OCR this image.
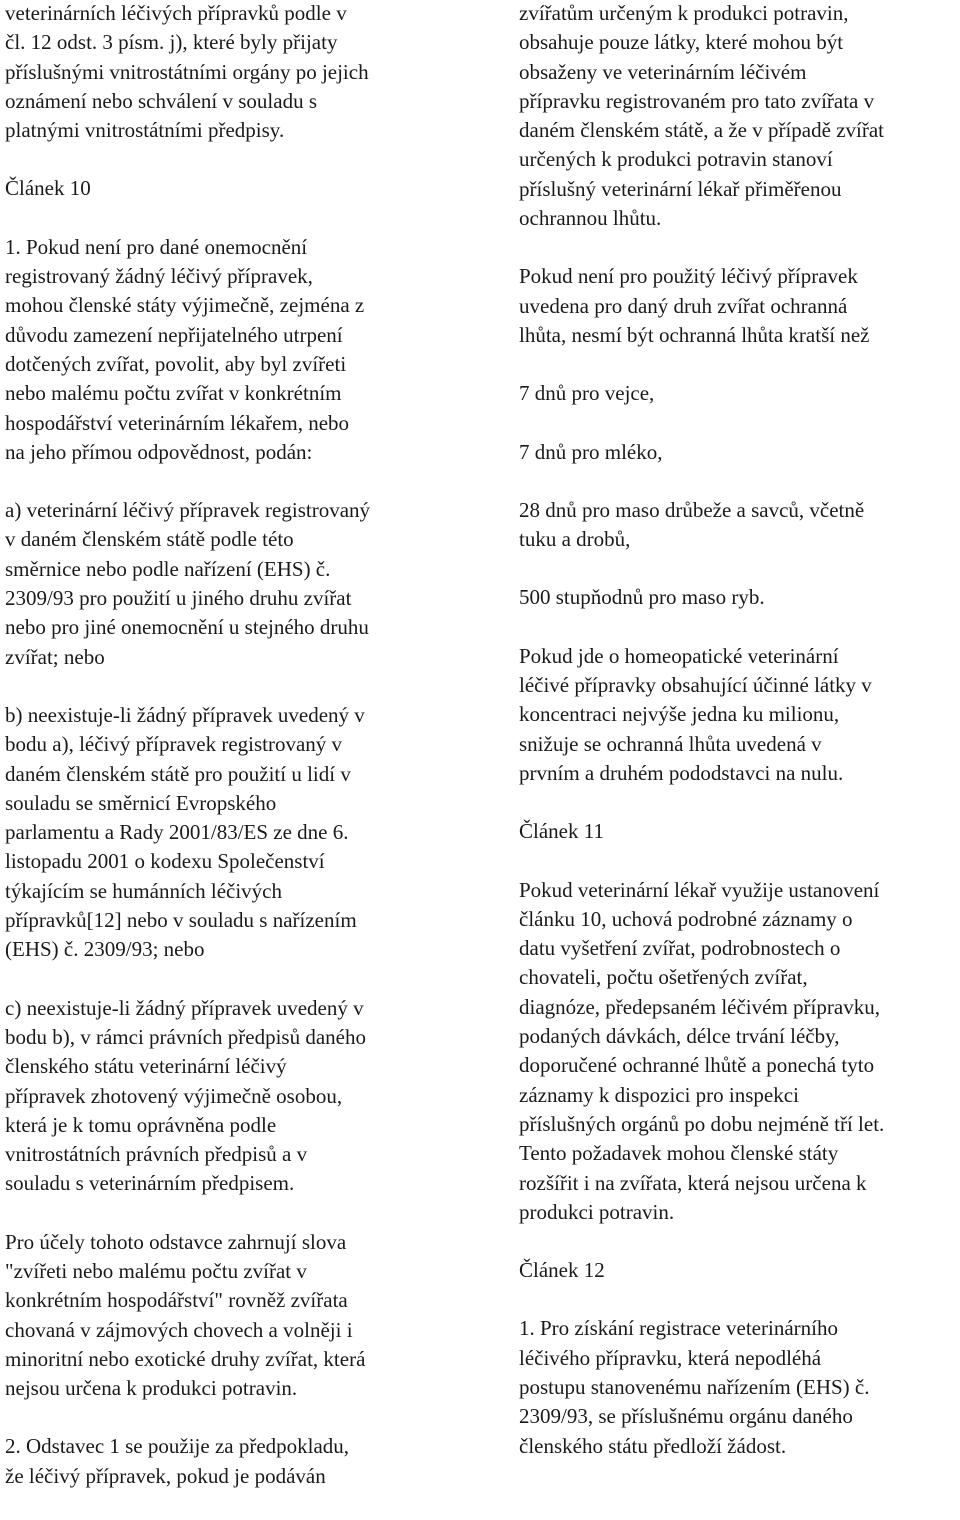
veterinárních léčivých přípravků podle v
čl. 12 odst. 3 písm. j), které byly přijaty
příslušnými vnitrostátními orgány po jejich
oznámení nebo schválení v souladu s
platnými vnitrostátními předpisy.
Článek 10
1. Pokud není pro dané onemocnění
registrovaný žádný léčivý přípravek,
mohou členské státy výjimečně, zejména z
důvodu zamezení nepřijatelného utrpení
dotčených zvířat, povolit, aby byl zvířeti
nebo malému počtu zvířat v konkrétním
hospodářství veterinárním lékařem, nebo
na jeho přímou odpovědnost, podán:
a) veterinární léčivý přípravek registrovaný
v daném členském státě podle této
směrnice nebo podle nařízení (EHS) č.
2309/93 pro použití u jiného druhu zvířat
nebo pro jiné onemocnění u stejného druhu
zvířat; nebo
b) neexistuje-li žádný přípravek uvedený v
bodu a), léčivý přípravek registrovaný v
daném členském státě pro použití u lidí v
souladu se směrnicí Evropského
parlamentu a Rady 2001/83/ES ze dne 6.
listopadu 2001 o kodexu Společenství
týkajícím se humánních léčivých
přípravků[12] nebo v souladu s nařízením
(EHS) č. 2309/93; nebo
c) neexistuje-li žádný přípravek uvedený v
bodu b), v rámci právních předpisů daného
členského státu veterinární léčivý
přípravek zhotovený výjimečně osobou,
která je k tomu oprávněna podle
vnitrostátních právních předpisů a v
souladu s veterinárním předpisem.
Pro účely tohoto odstavce zahrnují slova
"zvířeti nebo malému počtu zvířat v
konkrétním hospodářství" rovněž zvířata
chovaná v zájmových chovech a volněji i
minoritní nebo exotické druhy zvířat, která
nejsou určena k produkci potravin.
2. Odstavec 1 se použije za předpokladu,
že léčivý přípravek, pokud je podáván
zvířatům určeným k produkci potravin,
obsahuje pouze látky, které mohou být
obsaženy ve veterinárním léčivém
přípravku registrovaném pro tato zvířata v
daném členském státě, a že v případě zvířat
určených k produkci potravin stanoví
příslušný veterinární lékař přiměřenou
ochrannou lhůtu.
Pokud není pro použitý léčivý přípravek
uvedena pro daný druh zvířat ochranná
lhůta, nesmí být ochranná lhůta kratší než
7 dnů pro vejce,
7 dnů pro mléko,
28 dnů pro maso drůbeže a savců, včetně
tuku a drobů,
500 stupňodnů pro maso ryb.
Pokud jde o homeopatické veterinární
léčivé přípravky obsahující účinné látky v
koncentraci nejvýše jedna ku milionu,
snižuje se ochranná lhůta uvedená v
prvním a druhém pododstavci na nulu.
Článek 11
Pokud veterinární lékař využije ustanovení
článku 10, uchová podrobné záznamy o
datu vyšetření zvířat, podrobnostech o
chovateli, počtu ošetřených zvířat,
diagnóze, předepsaném léčivém přípravku,
podaných dávkách, délce trvání léčby,
doporučené ochranné lhůtě a ponechá tyto
záznamy k dispozici pro inspekci
příslušných orgánů po dobu nejméně tří let.
Tento požadavek mohou členské státy
rozšířit i na zvířata, která nejsou určena k
produkci potravin.
Článek 12
1. Pro získání registrace veterinárního
léčivého přípravku, která nepodléhá
postupu stanovenému nařízením (EHS) č.
2309/93, se příslušnému orgánu daného
členského státu předloží žádost.
